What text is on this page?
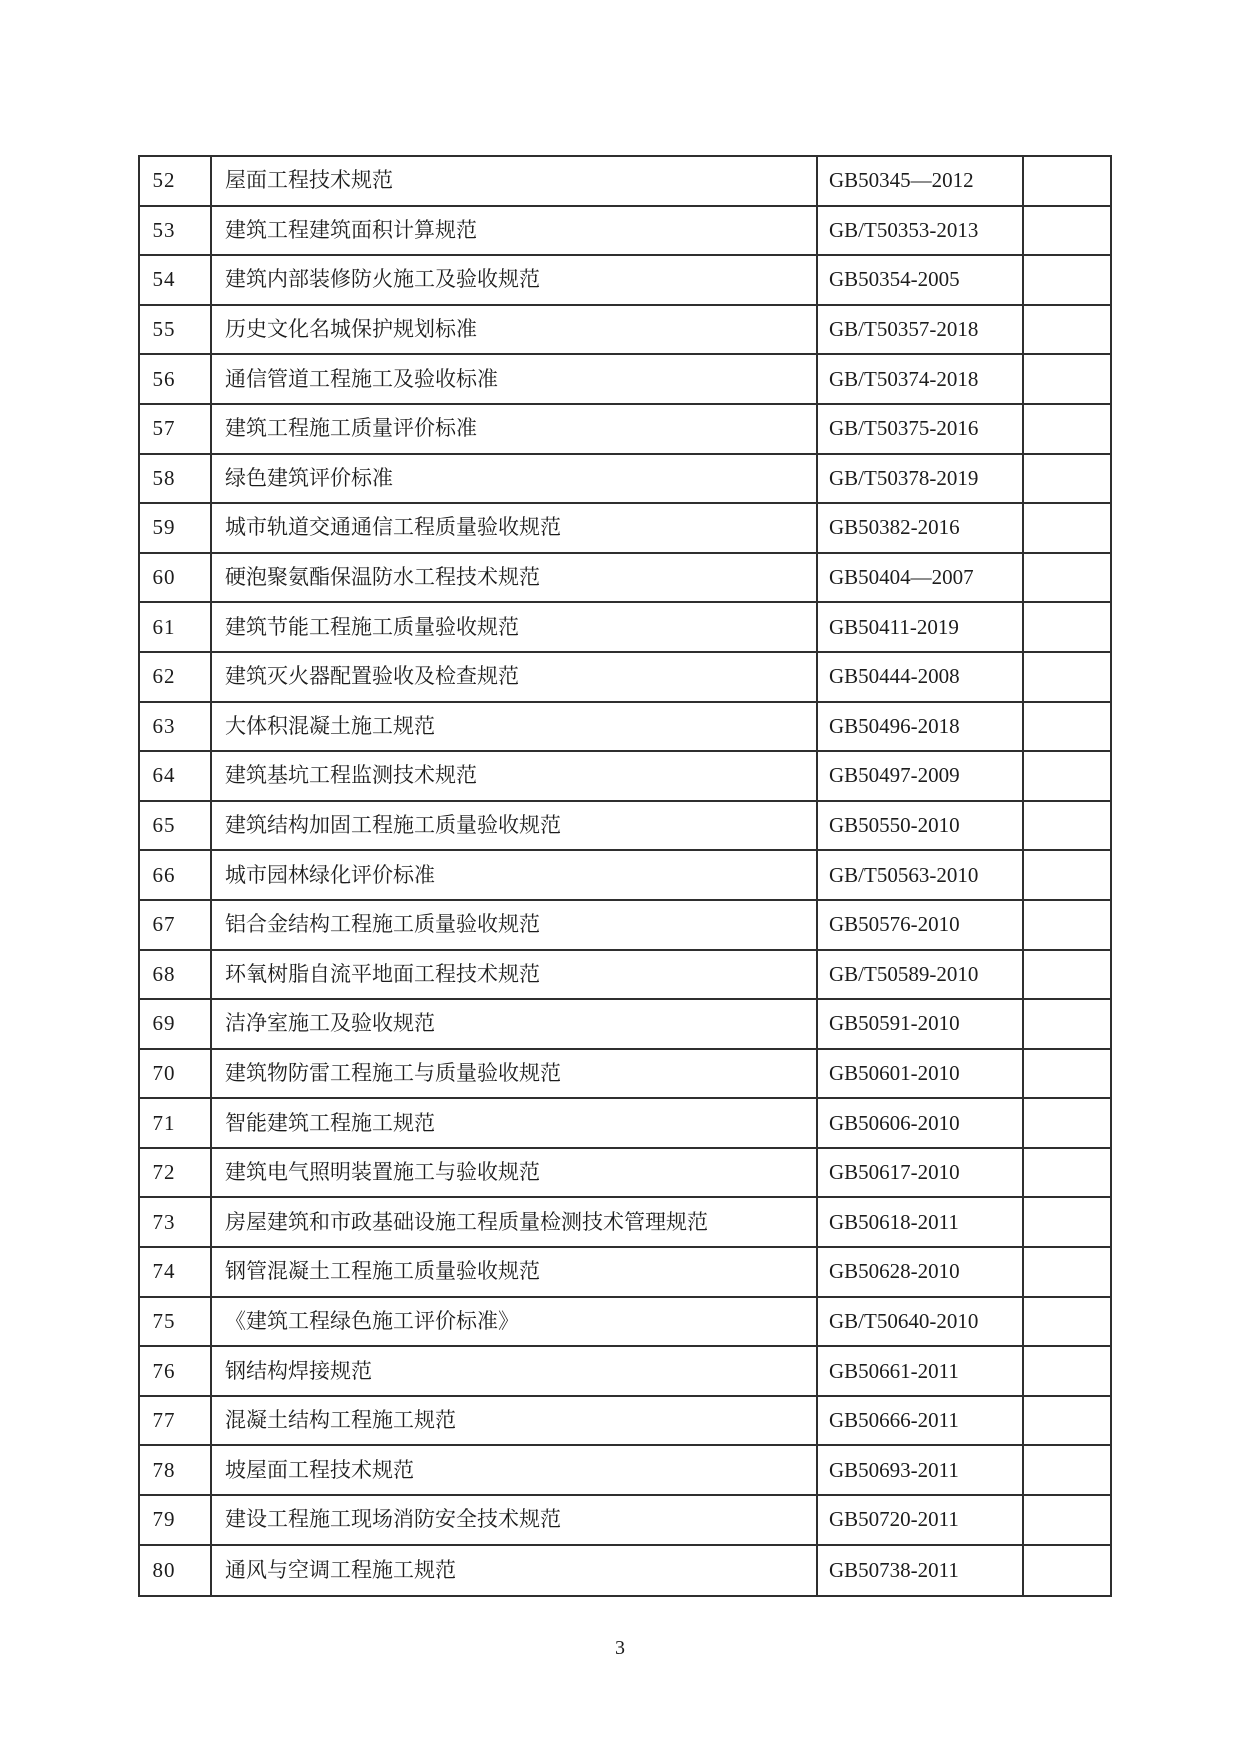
52	屋面工程技术规范	GB50345—2012
53	建筑工程建筑面积计算规范	GB/T50353-2013
54	建筑内部装修防火施工及验收规范	GB50354-2005
55	历史文化名城保护规划标准	GB/T50357-2018
56	通信管道工程施工及验收标准	GB/T50374-2018
57	建筑工程施工质量评价标准	GB/T50375-2016
58	绿色建筑评价标准	GB/T50378-2019
59	城市轨道交通通信工程质量验收规范	GB50382-2016
60	硬泡聚氨酯保温防水工程技术规范	GB50404—2007
61	建筑节能工程施工质量验收规范	GB50411-2019
62	建筑灭火器配置验收及检查规范	GB50444-2008
63	大体积混凝土施工规范	GB50496-2018
64	建筑基坑工程监测技术规范	GB50497-2009
65	建筑结构加固工程施工质量验收规范	GB50550-2010
66	城市园林绿化评价标准	GB/T50563-2010
67	铝合金结构工程施工质量验收规范	GB50576-2010
68	环氧树脂自流平地面工程技术规范	GB/T50589-2010
69	洁净室施工及验收规范	GB50591-2010
70	建筑物防雷工程施工与质量验收规范	GB50601-2010
71	智能建筑工程施工规范	GB50606-2010
72	建筑电气照明装置施工与验收规范	GB50617-2010
73	房屋建筑和市政基础设施工程质量检测技术管理规范	GB50618-2011
74	钢管混凝土工程施工质量验收规范	GB50628-2010
75	《建筑工程绿色施工评价标准》	GB/T50640-2010
76	钢结构焊接规范	GB50661-2011
77	混凝土结构工程施工规范	GB50666-2011
78	坡屋面工程技术规范	GB50693-2011
79	建设工程施工现场消防安全技术规范	GB50720-2011
80	通风与空调工程施工规范	GB50738-2011
3
